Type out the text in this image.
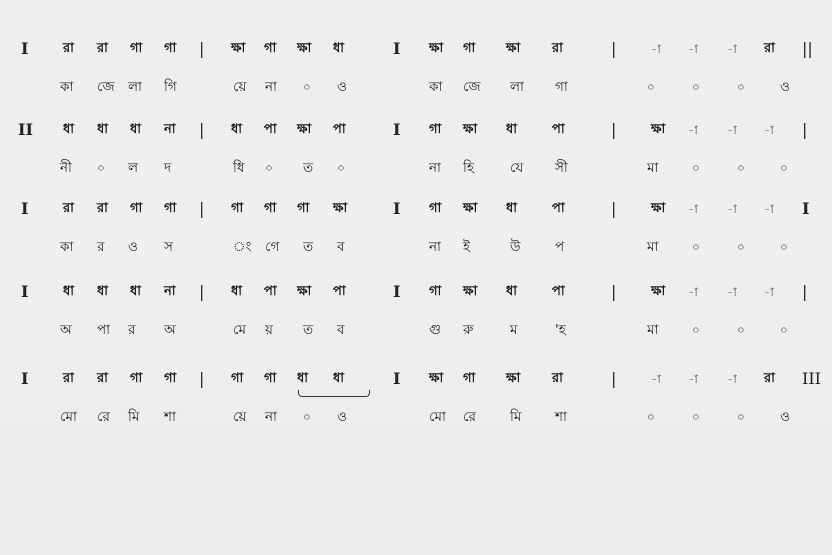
I	রা রা গা গা | ক্ষা গা ক্ষা ধা	I ক্ষা গা ক্ষা রা	|	-া -া -া রা ||
কা জে লা গি	য়ে না ০ ও	কা জে লা গা	০	০	০	ও
II ধা ধা ধা না | ধা পা ক্ষা পা	I গা ক্ষা ধা	পা	|	ক্ষা -া -া -া |
নী ০ ল দ	ধি ০ ত ০	না হি	যে সী	মা	০	০	০
I	রা রা গা গা | গা গা গা ক্ষা	I গা ক্ষা ধা	পা	|	ক্ষা -া -া -া I
কা র ও স	ং গে ত ব	না ই	উ	প	মা	০	০	০
I	ধা ধা ধা না | ধা পা ক্ষা পা	I গা ক্ষা ধা	পা	|	ক্ষা -া -া -া |
অ পা র অ	মে য় ত ব	গু রু	ম	'হ	মা	০	০	০
I	রা রা গা গা | গা গা ধা ধা	I ক্ষা গা ক্ষা রা	|	-া -া -া রা III
মো রে মি শা	য়ে না ০ ও	মো রে	মি শা	০	০	০	ও
